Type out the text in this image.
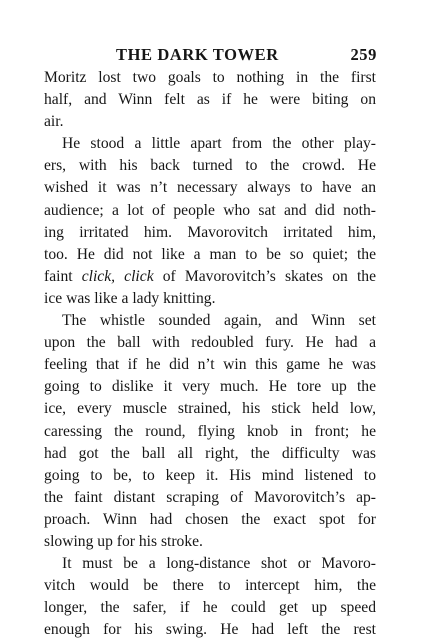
THE DARK TOWER	259
Moritz lost two goals to nothing in the first
half, and Winn felt as if he were biting on
air.
He stood a little apart from the other play-
ers, with his back turned to the crowd. He
wished it was n’t necessary always to have an
audience; a lot of people who sat and did noth-
ing irritated him. Mavorovitch irritated him,
too. He did not like a man to be so quiet; the
faint click, click of Mavorovitch’s skates on the
ice was like a lady knitting.
The whistle sounded again, and Winn set
upon the ball with redoubled fury. He had a
feeling that if he did n’t win this game he was
going to dislike it very much. He tore up the
ice, every muscle strained, his stick held low,
caressing the round, flying knob in front; he
had got the ball all right, the difficulty was
going to be, to keep it. His mind listened to
the faint distant scraping of Mavorovitch’s ap-
proach. Winn had chosen the exact spot for
slowing up for his stroke.
It must be a long-distance shot or Mavoro-
vitch would be there to intercept him, the
longer, the safer, if he could get up speed
enough for his swing. He had left the rest
